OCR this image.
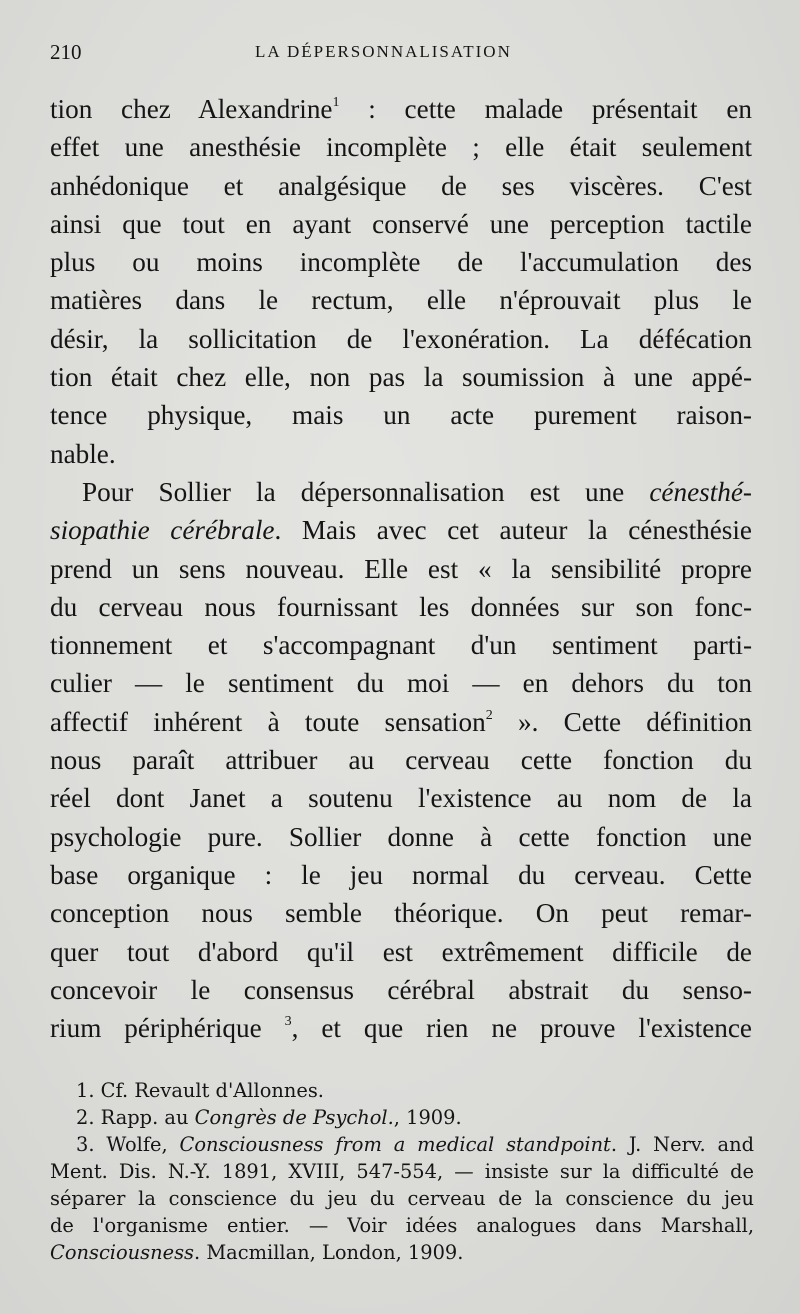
210	LA DÉPERSONNALISATION
tion chez Alexandrine$^1$ : cette malade présentait en
effet une anesthésie incomplète ; elle était seulement
anhédonique et analgésique de ses viscères. C'est
ainsi que tout en ayant conservé une perception tactile
plus ou moins incomplète de l'accumulation des
matières dans le rectum, elle n'éprouvait plus le
désir, la sollicitation de l'exonération. La défécation
tion était chez elle, non pas la soumission à une appé-
tence physique, mais un acte purement raison-
nable.
Pour Sollier la dépersonnalisation est une cénesthé-
siopathie cérébrale. Mais avec cet auteur la cénesthésie
prend un sens nouveau. Elle est « la sensibilité propre
du cerveau nous fournissant les données sur son fonc-
tionnement et s'accompagnant d'un sentiment parti-
culier — le sentiment du moi — en dehors du ton
affectif inhérent à toute sensation$^2$ ». Cette définition
nous paraît attribuer au cerveau cette fonction du
réel dont Janet a soutenu l'existence au nom de la
psychologie pure. Sollier donne à cette fonction une
base organique : le jeu normal du cerveau. Cette
conception nous semble théorique. On peut remar-
quer tout d'abord qu'il est extrêmement difficile de
concevoir le consensus cérébral abstrait du senso-
rium périphérique $^3$, et que rien ne prouve l'existence
1. Cf. Revault d'Allonnes.
2. Rapp. au Congrès de Psychol., 1909.
3. Wolfe, Consciousness from a medical standpoint. J. Nerv. and
Ment. Dis. N.-Y. 1891, XVIII, 547-554, — insiste sur la difficulté de
séparer la conscience du jeu du cerveau de la conscience du jeu
de l'organisme entier. — Voir idées analogues dans Marshall,
Consciousness. Macmillan, London, 1909.
